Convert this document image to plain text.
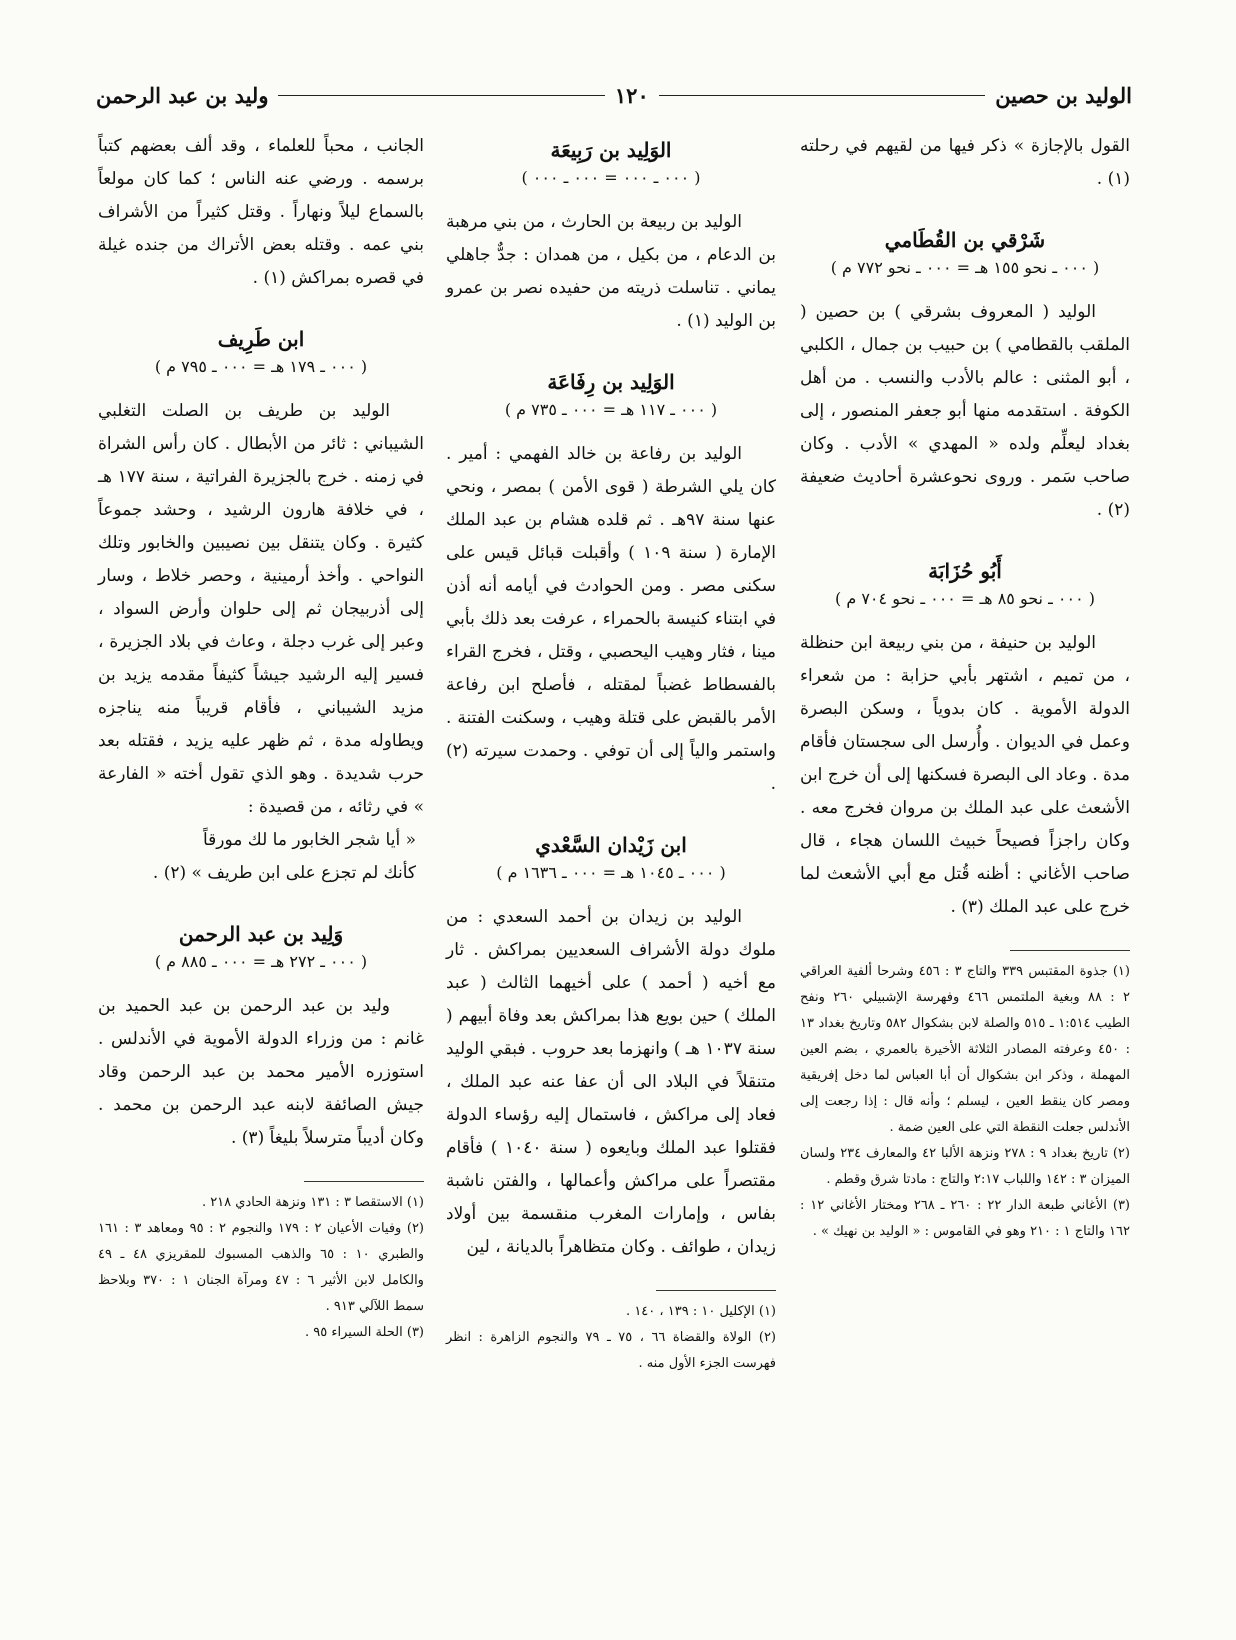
الوليد بن حصين
١٢٠
وليد بن عبد الرحمن

القول بالإجازة » ذكر فيها من لقيهم في رحلته (١) .

شَرْقي بن القُطَامي
( ٠٠٠ ـ نحو ١٥٥ هـ = ٠٠٠ ـ نحو ٧٧٢ م )

الوليد ( المعروف بشرقي ) بن حصين ( الملقب بالقطامي ) بن حبيب بن جمال ، الكلبي ، أبو المثنى : عالم بالأدب والنسب . من أهل الكوفة . استقدمه منها أبو جعفر المنصور ، إلى بغداد ليعلِّم ولده « المهدي » الأدب . وكان صاحب سَمر . وروى نحوعشرة أحاديث ضعيفة (٢) .

أَبُو حُزَابَة
( ٠٠٠ ـ نحو ٨٥ هـ = ٠٠٠ ـ نحو ٧٠٤ م )

الوليد بن حنيفة ، من بني ربيعة ابن حنظلة ، من تميم ، اشتهر بأبي حزابة : من شعراء الدولة الأموية . كان بدوياً ، وسكن البصرة وعمل في الديوان . وأُرسل الى سجستان فأقام مدة . وعاد الى البصرة فسكنها إلى أن خرج ابن الأشعث على عبد الملك بن مروان فخرج معه . وكان راجزاً فصيحاً خبيث اللسان هجاء ، قال صاحب الأغاني : أظنه قُتل مع أبي الأشعث لما خرج على عبد الملك (٣) .

(١) جذوة المقتبس ٣٣٩ والتاج ٣ : ٤٥٦ وشرحا ألفية العراقي ٢ : ٨٨ وبغية الملتمس ٤٦٦ وفهرسة الإشبيلي ٢٦٠ ونفح الطيب ١:٥١٤ ـ ٥١٥ والصلة لابن بشكوال ٥٨٢ وتاريخ بغداد ١٣ : ٤٥٠ وعرفته المصادر الثلاثة الأخيرة بالعمري ، بضم العين المهملة ، وذكر ابن بشكوال أن أبا العباس لما دخل إفريقية ومصر كان ينقط العين ، ليسلم ؛ وأنه قال : إذا رجعت إلى الأندلس جعلت النقطة التي على العين ضمة .

(٢) تاريخ بغداد ٩ : ٢٧٨ ونزهة الألبا ٤٢ والمعارف ٢٣٤ ولسان الميزان ٣ : ١٤٢ واللباب ٢:١٧ والتاج : مادتا شرق وقطم .

(٣) الأغاني طبعة الدار ٢٢ : ٢٦٠ ـ ٢٦٨ ومختار الأغاني ١٢ : ١٦٢ والتاج ١ : ٢١٠ وهو في القاموس : « الوليد بن نهيك » .

الوَلِيد بن رَبِيعَة
( ٠٠٠ ـ ٠٠٠ = ٠٠٠ ـ ٠٠٠ )

الوليد بن ربيعة بن الحارث ، من بني مرهبة بن الدعام ، من بكيل ، من همدان : جدٌّ جاهلي يماني . تناسلت ذريته من حفيده نصر بن عمرو بن الوليد (١) .

الوَلِيد بن رِفَاعَة
( ٠٠٠ ـ ١١٧ هـ = ٠٠٠ ـ ٧٣٥ م )

الوليد بن رفاعة بن خالد الفهمي : أمير . كان يلي الشرطة ( قوى الأمن ) بمصر ، ونحي عنها سنة ٩٧هـ . ثم قلده هشام بن عبد الملك الإمارة ( سنة ١٠٩ ) وأقبلت قبائل قيس على سكنى مصر . ومن الحوادث في أيامه أنه أذن في ابتناء كنيسة بالحمراء ، عرفت بعد ذلك بأبي مينا ، فثار وهيب اليحصبي ، وقتل ، فخرج القراء بالفسطاط غضباً لمقتله ، فأصلح ابن رفاعة الأمر بالقبض على قتلة وهيب ، وسكنت الفتنة . واستمر والياً إلى أن توفي . وحمدت سيرته (٢) .

ابن زَيْدان السَّعْدي
( ٠٠٠ ـ ١٠٤٥ هـ = ٠٠٠ ـ ١٦٣٦ م )

الوليد بن زيدان بن أحمد السعدي : من ملوك دولة الأشراف السعديين بمراكش . ثار مع أخيه ( أحمد ) على أخيهما الثالث ( عبد الملك ) حين بويع هذا بمراكش بعد وفاة أبيهم ( سنة ١٠٣٧ هـ ) وانهزما بعد حروب . فبقي الوليد متنقلاً في البلاد الى أن عفا عنه عبد الملك ، فعاد إلى مراكش ، فاستمال إليه رؤساء الدولة فقتلوا عبد الملك وبايعوه ( سنة ١٠٤٠ ) فأقام مقتصراً على مراكش وأعمالها ، والفتن ناشبة بفاس ، وإمارات المغرب منقسمة بين أولاد زيدان ، طوائف . وكان متظاهراً بالديانة ، لين

(١) الإكليل ١٠ : ١٣٩ ، ١٤٠ .

(٢) الولاة والقضاة ٦٦ ، ٧٥ ـ ٧٩ والنجوم الزاهرة : انظر فهرست الجزء الأول منه .

الجانب ، محباً للعلماء ، وقد ألف بعضهم كتباً برسمه . ورضي عنه الناس ؛ كما كان مولعاً بالسماع ليلاً ونهاراً . وقتل كثيراً من الأشراف بني عمه . وقتله بعض الأتراك من جنده غيلة في قصره بمراكش (١) .

ابن طَرِيف
( ٠٠٠ ـ ١٧٩ هـ = ٠٠٠ ـ ٧٩٥ م )

الوليد بن طريف بن الصلت التغلبي الشيباني : ثائر من الأبطال . كان رأس الشراة في زمنه . خرج بالجزيرة الفراتية ، سنة ١٧٧ هـ ، في خلافة هارون الرشيد ، وحشد جموعاً كثيرة . وكان يتنقل بين نصيبين والخابور وتلك النواحي . وأخذ أرمينية ، وحصر خلاط ، وسار إلى أذربيجان ثم إلى حلوان وأرض السواد ، وعبر إلى غرب دجلة ، وعاث في بلاد الجزيرة ، فسير إليه الرشيد جيشاً كثيفاً مقدمه يزيد بن مزيد الشيباني ، فأقام قريباً منه يناجزه ويطاوله مدة ، ثم ظهر عليه يزيد ، فقتله بعد حرب شديدة . وهو الذي تقول أخته « الفارعة » في رثائه ، من قصيدة :

« أيا شجر الخابور ما لك مورقاً

كأنك لم تجزع على ابن طريف » (٢) .

وَلِيد بن عبد الرحمن
( ٠٠٠ ـ ٢٧٢ هـ = ٠٠٠ ـ ٨٨٥ م )

وليد بن عبد الرحمن بن عبد الحميد بن غانم : من وزراء الدولة الأموية في الأندلس . استوزره الأمير محمد بن عبد الرحمن وقاد جيش الصائفة لابنه عبد الرحمن بن محمد . وكان أديباً مترسلاً بليغاً (٣) .

(١) الاستقصا ٣ : ١٣١ ونزهة الحادي ٢١٨ .

(٢) وفيات الأعيان ٢ : ١٧٩ والنجوم ٢ : ٩٥ ومعاهد ٣ : ١٦١ والطبري ١٠ : ٦٥ والذهب المسبوك للمقريزي ٤٨ ـ ٤٩ والكامل لابن الأثير ٦ : ٤٧ ومرآة الجنان ١ : ٣٧٠ وبلاحظ سمط اللآلي ٩١٣ .

(٣) الحلة السيراء ٩٥ .
